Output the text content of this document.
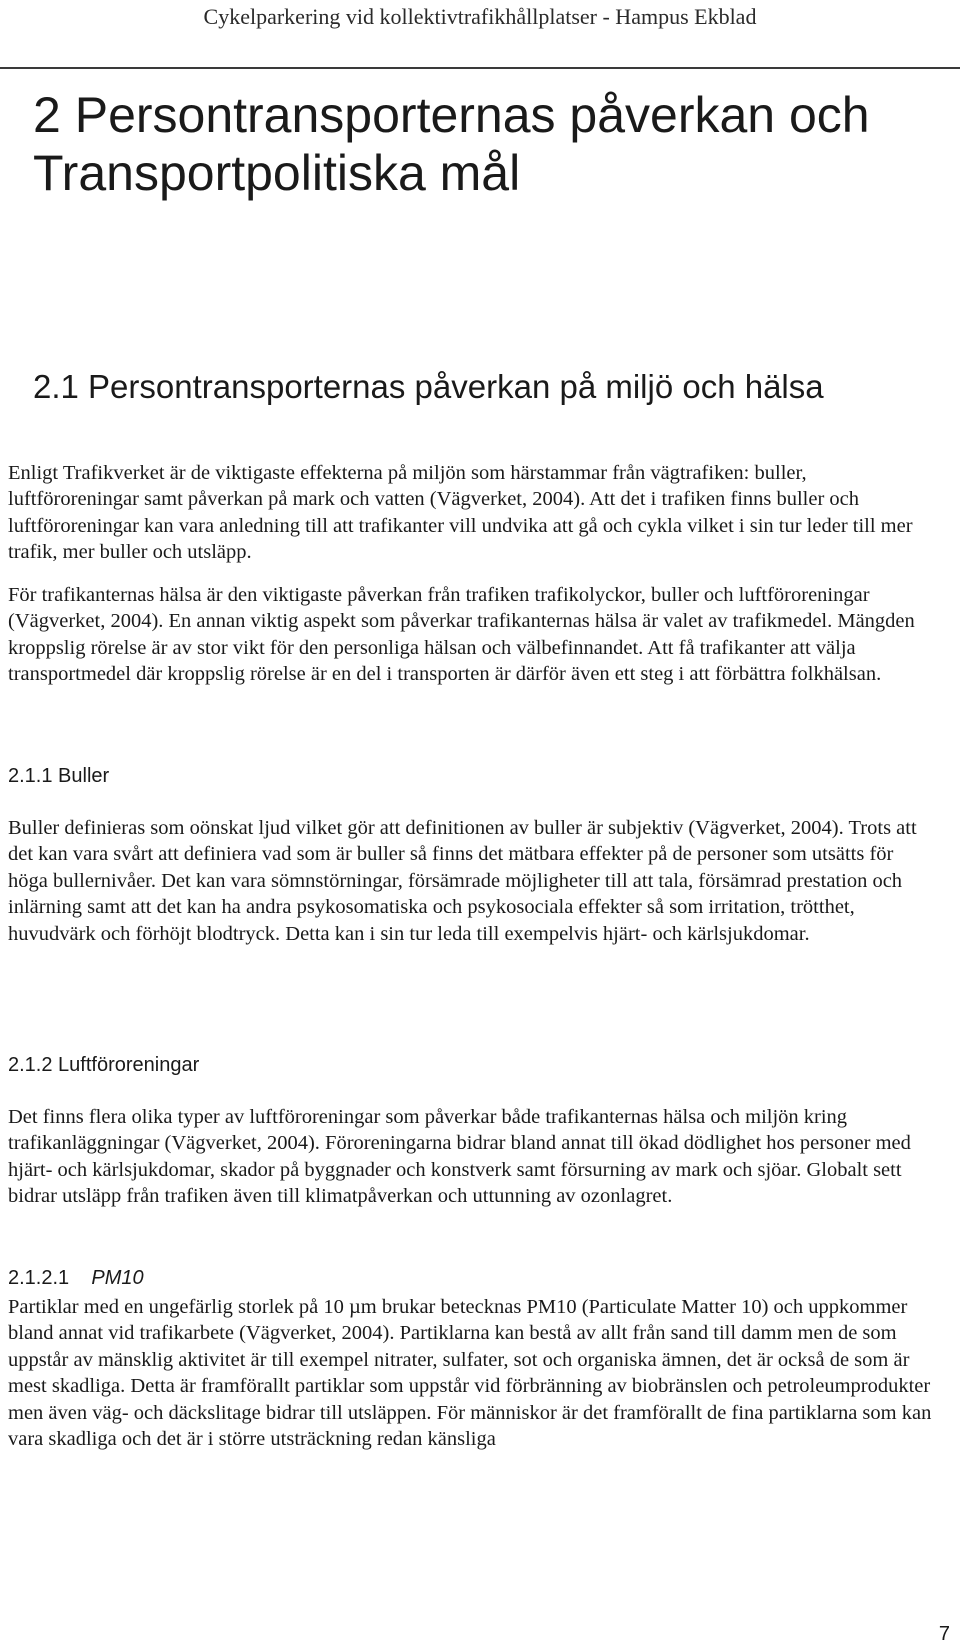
Cykelparkering vid kollektivtrafikhållplatser - Hampus Ekblad
2 Persontransporternas påverkan och
Transportpolitiska mål
2.1 Persontransporternas påverkan på miljö och hälsa

Enligt Trafikverket är de viktigaste effekterna på miljön som härstammar från vägtrafiken: buller, luftföroreningar samt påverkan på mark och vatten (Vägverket, 2004). Att det i trafiken finns buller och luftföroreningar kan vara anledning till att trafikanter vill undvika att gå och cykla vilket i sin tur leder till mer trafik, mer buller och utsläpp.

För trafikanternas hälsa är den viktigaste påverkan från trafiken trafikolyckor, buller och luftföroreningar (Vägverket, 2004). En annan viktig aspekt som påverkar trafikanternas hälsa är valet av trafikmedel. Mängden kroppslig rörelse är av stor vikt för den personliga hälsan och välbefinnandet. Att få trafikanter att välja transportmedel där kroppslig rörelse är en del i transporten är därför även ett steg i att förbättra folkhälsan.

2.1.1 Buller

Buller definieras som oönskat ljud vilket gör att definitionen av buller är subjektiv (Vägverket, 2004). Trots att det kan vara svårt att definiera vad som är buller så finns det mätbara effekter på de personer som utsätts för höga bullernivåer. Det kan vara sömnstörningar, försämrade möjligheter till att tala, försämrad prestation och inlärning samt att det kan ha andra psykosomatiska och psykosociala effekter så som irritation, trötthet, huvudvärk och förhöjt blodtryck. Detta kan i sin tur leda till exempelvis hjärt- och kärlsjukdomar.

2.1.2 Luftföroreningar

Det finns flera olika typer av luftföroreningar som påverkar både trafikanternas hälsa och miljön kring trafikanläggningar (Vägverket, 2004). Föroreningarna bidrar bland annat till ökad dödlighet hos personer med hjärt- och kärlsjukdomar, skador på byggnader och konstverk samt försurning av mark och sjöar. Globalt sett bidrar utsläpp från trafiken även till klimatpåverkan och uttunning av ozonlagret.

2.1.2.1 PM10

Partiklar med en ungefärlig storlek på 10 µm brukar betecknas PM10 (Particulate Matter 10) och uppkommer bland annat vid trafikarbete (Vägverket, 2004). Partiklarna kan bestå av allt från sand till damm men de som uppstår av mänsklig aktivitet är till exempel nitrater, sulfater, sot och organiska ämnen, det är också de som är mest skadliga. Detta är framförallt partiklar som uppstår vid förbränning av biobränslen och petroleumprodukter men även väg- och däckslitage bidrar till utsläppen. För människor är det framförallt de fina partiklarna som kan vara skadliga och det är i större utsträckning redan känsliga

7
